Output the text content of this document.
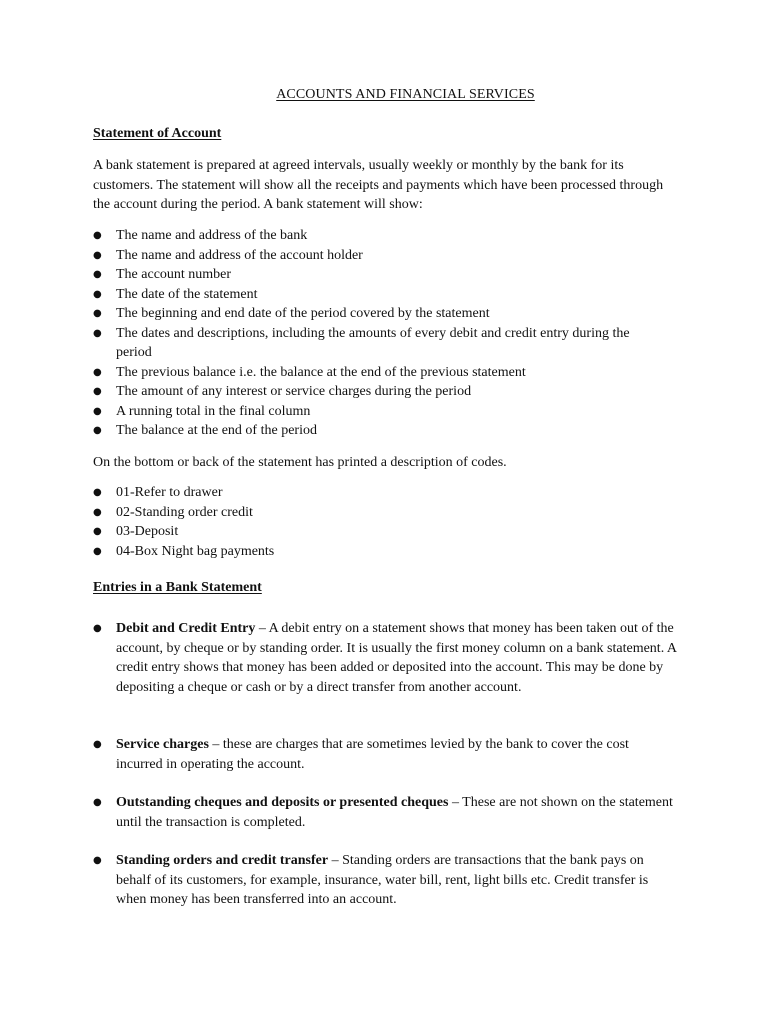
ACCOUNTS AND FINANCIAL SERVICES
Statement of Account

A bank statement is prepared at agreed intervals, usually weekly or monthly by the bank for its customers. The statement will show all the receipts and payments which have been processed through the account during the period. A bank statement will show:

●	The name and address of the bank
●	The name and address of the account holder
●	The account number
●	The date of the statement
●	The beginning and end date of the period covered by the statement
●	The dates and descriptions, including the amounts of every debit and credit entry during the period
●	The previous balance i.e. the balance at the end of the previous statement
●	The amount of any interest or service charges during the period
●	A running total in the final column
●	The balance at the end of the period

On the bottom or back of the statement has printed a description of codes.

●	01-Refer to drawer
●	02-Standing order credit
●	03-Deposit
●	04-Box Night bag payments
Entries in a Bank Statement
●	Debit and Credit Entry – A debit entry on a statement shows that money has been taken out of the account, by cheque or by standing order. It is usually the first money column on a bank statement. A credit entry shows that money has been added or deposited into the account. This may be done by depositing a cheque or cash or by a direct transfer from another account.
●	Service charges – these are charges that are sometimes levied by the bank to cover the cost incurred in operating the account.
●	Outstanding cheques and deposits or presented cheques – These are not shown on the statement until the transaction is completed.
●	Standing orders and credit transfer – Standing orders are transactions that the bank pays on behalf of its customers, for example, insurance, water bill, rent, light bills etc. Credit transfer is when money has been transferred into an account.
